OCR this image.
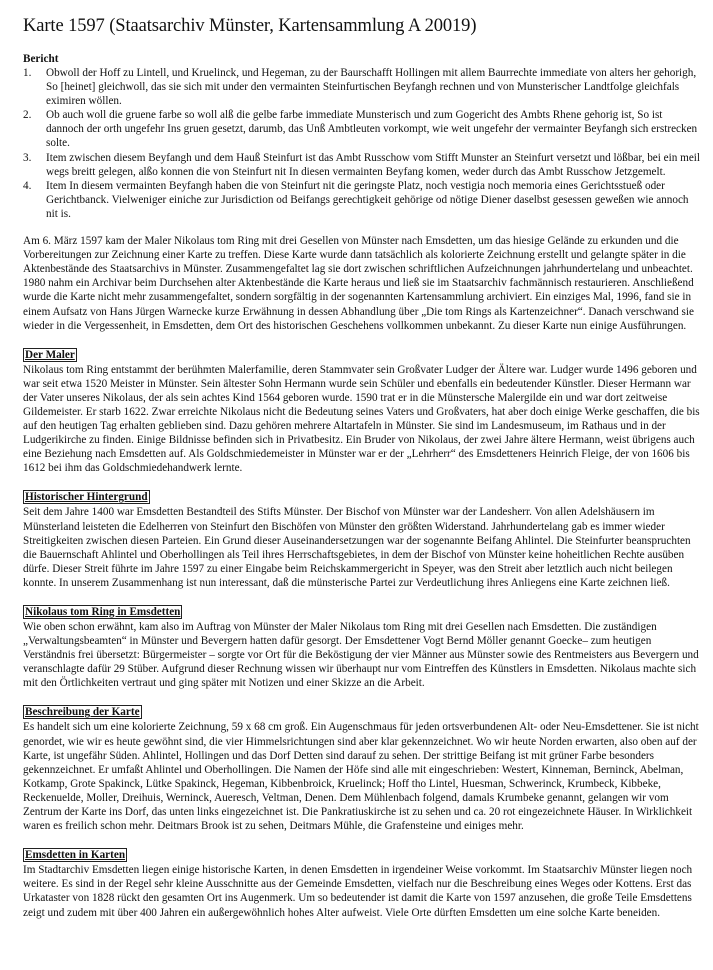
Karte 1597 (Staatsarchiv Münster, Kartensammlung A 20019)
Bericht
1. Obwoll der Hoff zu Lintell, und Kruelinck, und Hegeman, zu der Baurschafft Hollingen mit allem Baurrechte immediate von alters her gehorigh, So [heinet] gleichwoll, das sie sich mit under den vermainten Steinfurtischen Beyfangh rechnen und von Munsterischer Landtfolge gleichfals eximiren wöllen.
2. Ob auch woll die gruene farbe so woll alß die gelbe farbe immediate Munsterisch und zum Gogericht des Ambts Rhene gehorig ist, So ist dannoch der orth ungefehr Ins gruen gesetzt, darumb, das Unß Ambtleuten vorkompt, wie weit ungefehr der vermainter Beyfangh sich erstrecken solte.
3. Item zwischen diesem Beyfangh und dem Hauß Steinfurt ist das Ambt Russchow vom Stifft Munster an Steinfurt versetzt und lößbar, bei ein meil wegs breitt gelegen, alßo konnen die von Steinfurt nit In diesen vermainten Beyfang komen, weder durch das Ambt Russchow Jetzgemelt.
4. Item In diesem vermainten Beyfangh haben die von Steinfurt nit die geringste Platz, noch vestigia noch memoria eines Gerichtsstueß oder Gerichtbanck. Vielweniger einiche zur Jurisdiction od Beifangs gerechtigkeit gehörige od nötige Diener daselbst gesessen geweßen wie annoch nit is.

Am 6. März 1597 kam der Maler Nikolaus tom Ring mit drei Gesellen von Münster nach Emsdetten, um das hiesige Gelände zu erkunden und die Vorbereitungen zur Zeichnung einer Karte zu treffen. Diese Karte wurde dann tatsächlich als kolorierte Zeichnung erstellt und gelangte später in die Aktenbestände des Staatsarchivs in Münster. Zusammengefaltet lag sie dort zwischen schriftlichen Aufzeichnungen jahrhundertelang und unbeachtet. 1980 nahm ein Archivar beim Durchsehen alter Aktenbestände die Karte heraus und ließ sie im Staatsarchiv fachmännisch restaurieren. Anschließend wurde die Karte nicht mehr zusammengefaltet, sondern sorgfältig in der sogenannten Kartensammlung archiviert. Ein einziges Mal, 1996, fand sie in einem Aufsatz von Hans Jürgen Warnecke kurze Erwähnung in dessen Abhandlung über „Die tom Rings als Kartenzeichner“. Danach verschwand sie wieder in die Vergessenheit, in Emsdetten, dem Ort des historischen Geschehens vollkommen unbekannt. Zu dieser Karte nun einige Ausführungen.

Der Maler

Nikolaus tom Ring entstammt der berühmten Malerfamilie, deren Stammvater sein Großvater Ludger der Ältere war. Ludger wurde 1496 geboren und war seit etwa 1520 Meister in Münster. Sein ältester Sohn Hermann wurde sein Schüler und ebenfalls ein bedeutender Künstler. Dieser Hermann war der Vater unseres Nikolaus, der als sein achtes Kind 1564 geboren wurde. 1590 trat er in die Münstersche Malergilde ein und war dort zeitweise Gildemeister. Er starb 1622. Zwar erreichte Nikolaus nicht die Bedeutung seines Vaters und Großvaters, hat aber doch einige Werke geschaffen, die bis auf den heutigen Tag erhalten geblieben sind. Dazu gehören mehrere Altartafeln in Münster. Sie sind im Landesmuseum, im Rathaus und in der Ludgerikirche zu finden. Einige Bildnisse befinden sich in Privatbesitz. Ein Bruder von Nikolaus, der zwei Jahre ältere Hermann, weist übrigens auch eine Beziehung nach Emsdetten auf. Als Goldschmiedemeister in Münster war er der „Lehrherr“ des Emsdetteners Heinrich Fleige, der von 1606 bis 1612 bei ihm das Goldschmiedehandwerk lernte.

Historischer Hintergrund

Seit dem Jahre 1400 war Emsdetten Bestandteil des Stifts Münster. Der Bischof von Münster war der Landesherr. Von allen Adelshäusern im Münsterland leisteten die Edelherren von Steinfurt den Bischöfen von Münster den größten Widerstand. Jahrhundertelang gab es immer wieder Streitigkeiten zwischen diesen Parteien. Ein Grund dieser Auseinandersetzungen war der sogenannte Beifang Ahlintel. Die Steinfurter beanspruchten die Bauernschaft Ahlintel und Oberhollingen als Teil ihres Herrschaftsgebietes, in dem der Bischof von Münster keine hoheitlichen Rechte ausüben dürfe. Dieser Streit führte im Jahre 1597 zu einer Eingabe beim Reichskammergericht in Speyer, was den Streit aber letztlich auch nicht beilegen konnte. In unserem Zusammenhang ist nun interessant, daß die münsterische Partei zur Verdeutlichung ihres Anliegens eine Karte zeichnen ließ.

Nikolaus tom Ring in Emsdetten

Wie oben schon erwähnt, kam also im Auftrag von Münster der Maler Nikolaus tom Ring mit drei Gesellen nach Emsdetten. Die zuständigen „Verwaltungsbeamten“ in Münster und Bevergern hatten dafür gesorgt. Der Emsdettener Vogt Bernd Möller genannt Goecke– zum heutigen Verständnis frei übersetzt: Bürgermeister – sorgte vor Ort für die Beköstigung der vier Männer aus Münster sowie des Rentmeisters aus Bevergern und veranschlagte dafür 29 Stüber. Aufgrund dieser Rechnung wissen wir überhaupt nur vom Eintreffen des Künstlers in Emsdetten. Nikolaus machte sich mit den Örtlichkeiten vertraut und ging später mit Notizen und einer Skizze an die Arbeit.

Beschreibung der Karte

Es handelt sich um eine kolorierte Zeichnung, 59 x 68 cm groß. Ein Augenschmaus für jeden ortsverbundenen Alt- oder Neu-Emsdettener. Sie ist nicht genordet, wie wir es heute gewöhnt sind, die vier Himmelsrichtungen sind aber klar gekennzeichnet. Wo wir heute Norden erwarten, also oben auf der Karte, ist ungefähr Süden. Ahlintel, Hollingen und das Dorf Detten sind darauf zu sehen. Der strittige Beifang ist mit grüner Farbe besonders gekennzeichnet. Er umfaßt Ahlintel und Oberhollingen. Die Namen der Höfe sind alle mit eingeschrieben: Westert, Kinneman, Berninck, Abelman, Kotkamp, Grote Spakinck, Lütke Spakinck, Hegeman, Kibbenbroick, Kruelinck; Hoff tho Lintel, Huesman, Schwerinck, Krumbeck, Kibbeke, Reckenuelde, Moller, Dreihuis, Werninck, Aueresch, Veltman, Denen. Dem Mühlenbach folgend, damals Krumbeke genannt, gelangen wir vom Zentrum der Karte ins Dorf, das unten links eingezeichnet ist. Die Pankratiuskirche ist zu sehen und ca. 20 rot eingezeichnete Häuser. In Wirklichkeit waren es freilich schon mehr. Deitmars Brook ist zu sehen, Deitmars Mühle, die Grafensteine und einiges mehr.

Emsdetten in Karten

Im Stadtarchiv Emsdetten liegen einige historische Karten, in denen Emsdetten in irgendeiner Weise vorkommt. Im Staatsarchiv Münster liegen noch weitere. Es sind in der Regel sehr kleine Ausschnitte aus der Gemeinde Emsdetten, vielfach nur die Beschreibung eines Weges oder Kottens. Erst das Urkataster von 1828 rückt den gesamten Ort ins Augenmerk. Um so bedeutender ist damit die Karte von 1597 anzusehen, die große Teile Emsdettens zeigt und zudem mit über 400 Jahren ein außergewöhnlich hohes Alter aufweist. Viele Orte dürften Emsdetten um eine solche Karte beneiden.
